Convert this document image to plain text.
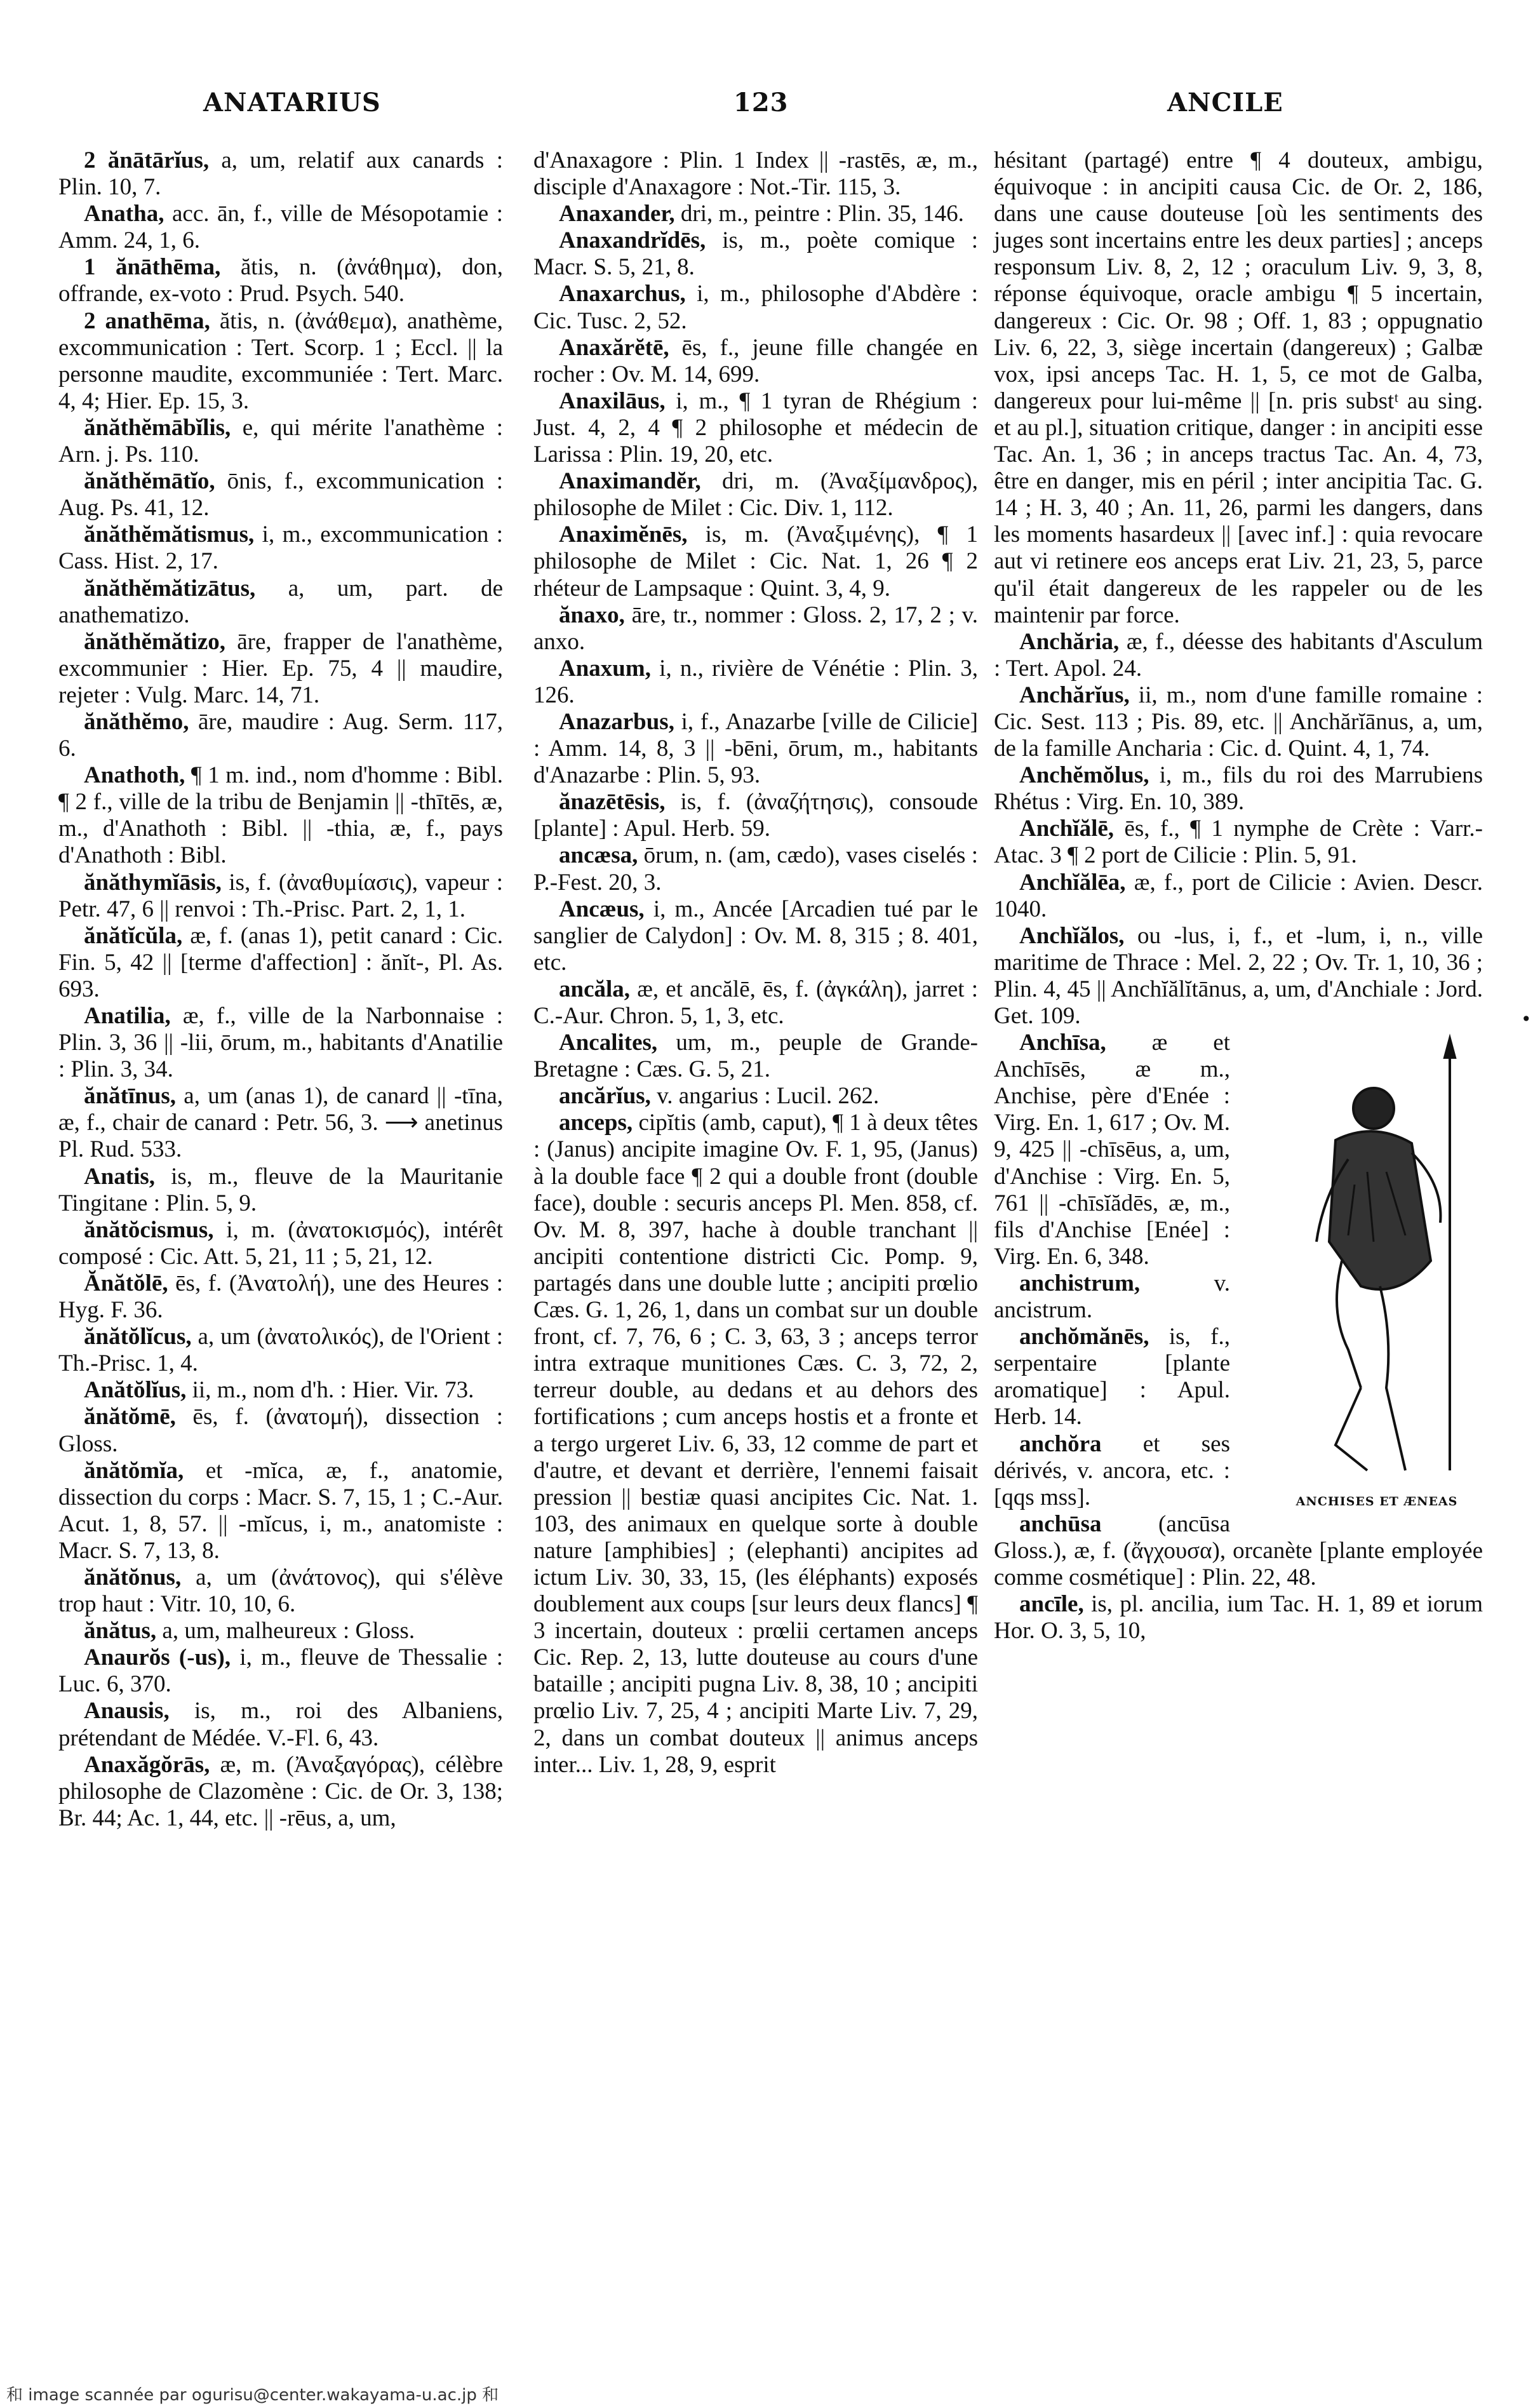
ANATARIUS	123	ANCILE

2 ănātārĭus, a, um, relatif aux canards : Plin. 10, 7.

Anatha, acc. ān, f., ville de Mésopotamie : Amm. 24, 1, 6.

1 ănāthēma, ătis, n. (ἀνάθημα), don, offrande, ex-voto : Prud. Psych. 540.

2 anathēma, ătis, n. (ἀνάθεμα), anathème, excommunication : Tert. Scorp. 1 ; Eccl. || la personne maudite, excommuniée : Tert. Marc. 4, 4; Hier. Ep. 15, 3.

ănăthĕmābĭlis, e, qui mérite l'anathème : Arn. j. Ps. 110.

ănăthĕmātĭo, ōnis, f., excommunication : Aug. Ps. 41, 12.

ănăthĕmătismus, i, m., excommunication : Cass. Hist. 2, 17.

ănăthĕmătizātus, a, um, part. de anathematizo.

ănăthĕmătizo, āre, frapper de l'anathème, excommunier : Hier. Ep. 75, 4 || maudire, rejeter : Vulg. Marc. 14, 71.

ănăthĕmo, āre, maudire : Aug. Serm. 117, 6.

Anathoth, ¶ 1 m. ind., nom d'homme : Bibl. ¶ 2 f., ville de la tribu de Benjamin || -thītēs, æ, m., d'Anathoth : Bibl. || -thia, æ, f., pays d'Anathoth : Bibl.

ănăthymĭāsis, is, f. (ἀναθυμίασις), vapeur : Petr. 47, 6 || renvoi : Th.-Prisc. Part. 2, 1, 1.

ănătĭcŭla, æ, f. (anas 1), petit canard : Cic. Fin. 5, 42 || [terme d'affection] : ănĭt-, Pl. As. 693.

Anatilia, æ, f., ville de la Narbonnaise : Plin. 3, 36 || -lii, ōrum, m., habitants d'Anatilie : Plin. 3, 34.

ănătīnus, a, um (anas 1), de canard || -tīna, æ, f., chair de canard : Petr. 56, 3. ⟶ anetinus Pl. Rud. 533.

Anatis, is, m., fleuve de la Mauritanie Tingitane : Plin. 5, 9.

ănătŏcismus, i, m. (ἀνατοκισμός), intérêt composé : Cic. Att. 5, 21, 11 ; 5, 21, 12.

Ănătŏlē, ēs, f. (Ἀνατολή), une des Heures : Hyg. F. 36.

ănătŏlĭcus, a, um (ἀνατολικός), de l'Orient : Th.-Prisc. 1, 4.

Anătŏlĭus, ii, m., nom d'h. : Hier. Vir. 73.

ănătŏmē, ēs, f. (ἀνατομή), dissection : Gloss.

ănătŏmĭa, et -mĭca, æ, f., anatomie, dissection du corps : Macr. S. 7, 15, 1 ; C.-Aur. Acut. 1, 8, 57. || -mĭcus, i, m., anatomiste : Macr. S. 7, 13, 8.

ănătŏnus, a, um (ἀνάτονος), qui s'élève trop haut : Vitr. 10, 10, 6.

ănătus, a, um, malheureux : Gloss.

Anaurŏs (-us), i, m., fleuve de Thessalie : Luc. 6, 370.

Anausis, is, m., roi des Albaniens, prétendant de Médée. V.-Fl. 6, 43.

Anaxăgŏrās, æ, m. (Ἀναξαγόρας), célèbre philosophe de Clazomène : Cic. de Or. 3, 138; Br. 44; Ac. 1, 44, etc. || -rēus, a, um,

d'Anaxagore : Plin. 1 Index || -rastēs, æ, m., disciple d'Anaxagore : Not.-Tir. 115, 3.

Anaxander, dri, m., peintre : Plin. 35, 146.

Anaxandrĭdēs, is, m., poète comique : Macr. S. 5, 21, 8.

Anaxarchus, i, m., philosophe d'Abdère : Cic. Tusc. 2, 52.

Anaxărĕtē, ēs, f., jeune fille changée en rocher : Ov. M. 14, 699.

Anaxilāus, i, m., ¶ 1 tyran de Rhégium : Just. 4, 2, 4 ¶ 2 philosophe et médecin de Larissa : Plin. 19, 20, etc.

Anaximandĕr, dri, m. (Ἀναξίμανδρος), philosophe de Milet : Cic. Div. 1, 112.

Anaximĕnēs, is, m. (Ἀναξιμένης), ¶ 1 philosophe de Milet : Cic. Nat. 1, 26 ¶ 2 rhéteur de Lampsaque : Quint. 3, 4, 9.

ănaxo, āre, tr., nommer : Gloss. 2, 17, 2 ; v. anxo.

Anaxum, i, n., rivière de Vénétie : Plin. 3, 126.

Anazarbus, i, f., Anazarbe [ville de Cilicie] : Amm. 14, 8, 3 || -bēni, ōrum, m., habitants d'Anazarbe : Plin. 5, 93.

ănazētēsis, is, f. (ἀναζήτησις), consoude [plante] : Apul. Herb. 59.

ancæsa, ōrum, n. (am, cædo), vases ciselés : P.-Fest. 20, 3.

Ancæus, i, m., Ancée [Arcadien tué par le sanglier de Calydon] : Ov. M. 8, 315 ; 8. 401, etc.

ancăla, æ, et ancălē, ēs, f. (ἀγκάλη), jarret : C.-Aur. Chron. 5, 1, 3, etc.

Ancalites, um, m., peuple de Grande-Bretagne : Cæs. G. 5, 21.

ancărĭus, v. angarius : Lucil. 262.

anceps, cipĭtis (amb, caput), ¶ 1 à deux têtes : (Janus) ancipite imagine Ov. F. 1, 95, (Janus) à la double face ¶ 2 qui a double front (double face), double : securis anceps Pl. Men. 858, cf. Ov. M. 8, 397, hache à double tranchant || ancipiti contentione districti Cic. Pomp. 9, partagés dans une double lutte ; ancipiti prœlio Cæs. G. 1, 26, 1, dans un combat sur un double front, cf. 7, 76, 6 ; C. 3, 63, 3 ; anceps terror intra extraque munitiones Cæs. C. 3, 72, 2, terreur double, au dedans et au dehors des fortifications ; cum anceps hostis et a fronte et a tergo urgeret Liv. 6, 33, 12 comme de part et d'autre, et devant et derrière, l'ennemi faisait pression || bestiæ quasi ancipites Cic. Nat. 1. 103, des animaux en quelque sorte à double nature [amphibies] ; (elephanti) ancipites ad ictum Liv. 30, 33, 15, (les éléphants) exposés doublement aux coups [sur leurs deux flancs] ¶ 3 incertain, douteux : prœlii certamen anceps Cic. Rep. 2, 13, lutte douteuse au cours d'une bataille ; ancipiti pugna Liv. 8, 38, 10 ; ancipiti prœlio Liv. 7, 25, 4 ; ancipiti Marte Liv. 7, 29, 2, dans un combat douteux || animus anceps inter... Liv. 1, 28, 9, esprit

hésitant (partagé) entre ¶ 4 douteux, ambigu, équivoque : in ancipiti causa Cic. de Or. 2, 186, dans une cause douteuse [où les sentiments des juges sont incertains entre les deux parties] ; anceps responsum Liv. 8, 2, 12 ; oraculum Liv. 9, 3, 8, réponse équivoque, oracle ambigu ¶ 5 incertain, dangereux : Cic. Or. 98 ; Off. 1, 83 ; oppugnatio Liv. 6, 22, 3, siège incertain (dangereux) ; Galbæ vox, ipsi anceps Tac. H. 1, 5, ce mot de Galba, dangereux pour lui-même || [n. pris substᵗ au sing. et au pl.], situation critique, danger : in ancipiti esse Tac. An. 1, 36 ; in anceps tractus Tac. An. 4, 73, être en danger, mis en péril ; inter ancipitia Tac. G. 14 ; H. 3, 40 ; An. 11, 26, parmi les dangers, dans les moments hasardeux || [avec inf.] : quia revocare aut vi retinere eos anceps erat Liv. 21, 23, 5, parce qu'il était dangereux de les rappeler ou de les maintenir par force.

Anchăria, æ, f., déesse des habitants d'Asculum : Tert. Apol. 24.

Anchărĭus, ii, m., nom d'une famille romaine : Cic. Sest. 113 ; Pis. 89, etc. || Anchărĭānus, a, um, de la famille Ancharia : Cic. d. Quint. 4, 1, 74.

Anchĕmŏlus, i, m., fils du roi des Marrubiens Rhétus : Virg. En. 10, 389.

Anchĭălē, ēs, f., ¶ 1 nymphe de Crète : Varr.-Atac. 3 ¶ 2 port de Cilicie : Plin. 5, 91.

Anchĭălēa, æ, f., port de Cilicie : Avien. Descr. 1040.

Anchĭălos, ou -lus, i, f., et -lum, i, n., ville maritime de Thrace : Mel. 2, 22 ; Ov. Tr. 1, 10, 36 ; Plin. 4, 45 || Anchĭălĭtānus, a, um, d'Anchiale : Jord. Get. 109.

ANCHISES ET ÆNEAS
Anchīsa, æ et Anchīsēs, æ m., Anchise, père d'Enée : Virg. En. 1, 617 ; Ov. M. 9, 425 || -chīsēus, a, um, d'Anchise : Virg. En. 5, 761 || -chīsĭădēs, æ, m., fils d'Anchise [Enée] : Virg. En. 6, 348.

anchistrum, v. ancistrum.

anchŏmănēs, is, f., serpentaire [plante aromatique] : Apul. Herb. 14.

anchŏra et ses dérivés, v. ancora, etc. : [qqs mss].

anchūsa (ancūsa Gloss.), æ, f. (ἄγχουσα), orcanète [plante employée comme cosmétique] : Plin. 22, 48.

ancīle, is, pl. ancilia, ium Tac. H. 1, 89 et iorum Hor. O. 3, 5, 10,

•
和 image scannée par ogurisu@center.wakayama-u.ac.jp 和
